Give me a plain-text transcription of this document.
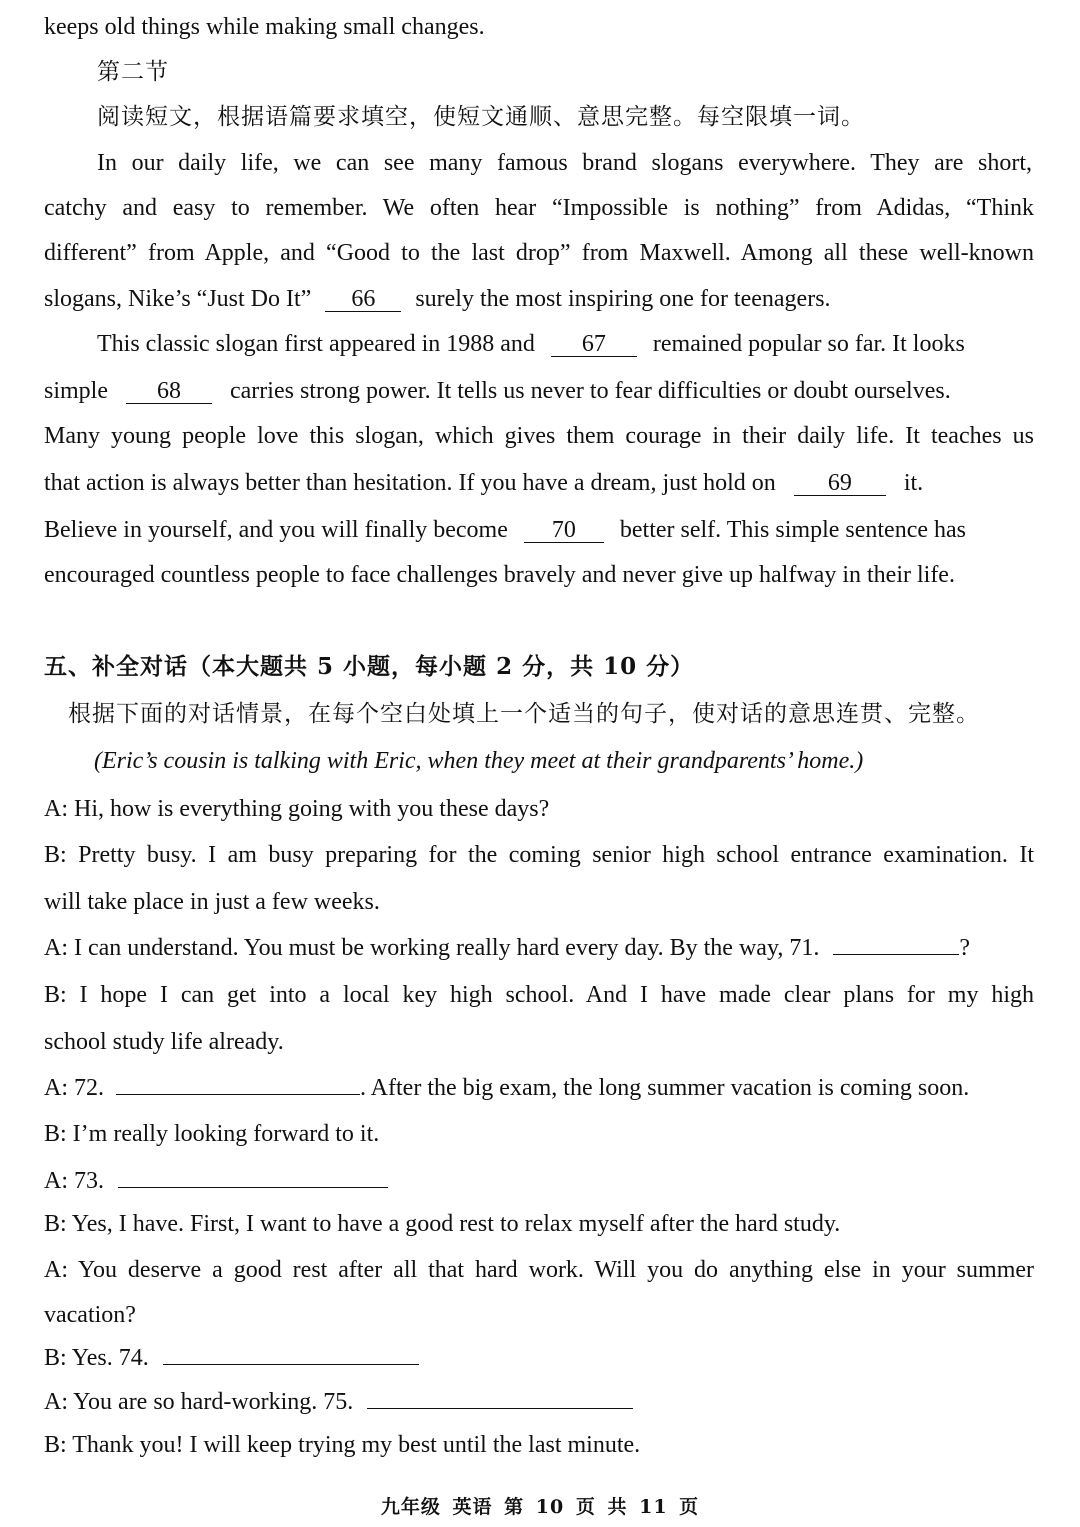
keeps old things while making small changes.
第二节
阅读短文，根据语篇要求填空，使短文通顺、意思完整。每空限填一词。
In our daily life, we can see many famous brand slogans everywhere. They are short,
catchy and easy to remember. We often hear “Impossible is nothing” from Adidas, “Think
different” from Apple, and “Good to the last drop” from Maxwell. Among all these well-known
slogans, Nike’s “Just Do It” 66 surely the most inspiring one for teenagers.
This classic slogan first appeared in 1988 and 67 remained popular so far. It looks
simple 68 carries strong power. It tells us never to fear difficulties or doubt ourselves.
Many young people love this slogan, which gives them courage in their daily life. It teaches us
that action is always better than hesitation. If you have a dream, just hold on 69 it.
Believe in yourself, and you will finally become 70 better self. This simple sentence has
encouraged countless people to face challenges bravely and never give up halfway in their life.
五、补全对话（本大题共 5 小题，每小题 2 分，共 10 分）
根据下面的对话情景，在每个空白处填上一个适当的句子，使对话的意思连贯、完整。
(Eric’s cousin is talking with Eric, when they meet at their grandparents’ home.)
A: Hi, how is everything going with you these days?
B: Pretty busy. I am busy preparing for the coming senior high school entrance examination. It
will take place in just a few weeks.
A: I can understand. You must be working really hard every day. By the way, 71.	?
B: I hope I can get into a local key high school. And I have made clear plans for my high
school study life already.
A: 72.	. After the big exam, the long summer vacation is coming soon.
B: I’m really looking forward to it.
A: 73.
B: Yes, I have. First, I want to have a good rest to relax myself after the hard study.
A: You deserve a good rest after all that hard work. Will you do anything else in your summer
vacation?
B: Yes. 74.
A: You are so hard-working. 75.
B: Thank you! I will keep trying my best until the last minute.
九年级 英语 第 10 页 共 11 页
